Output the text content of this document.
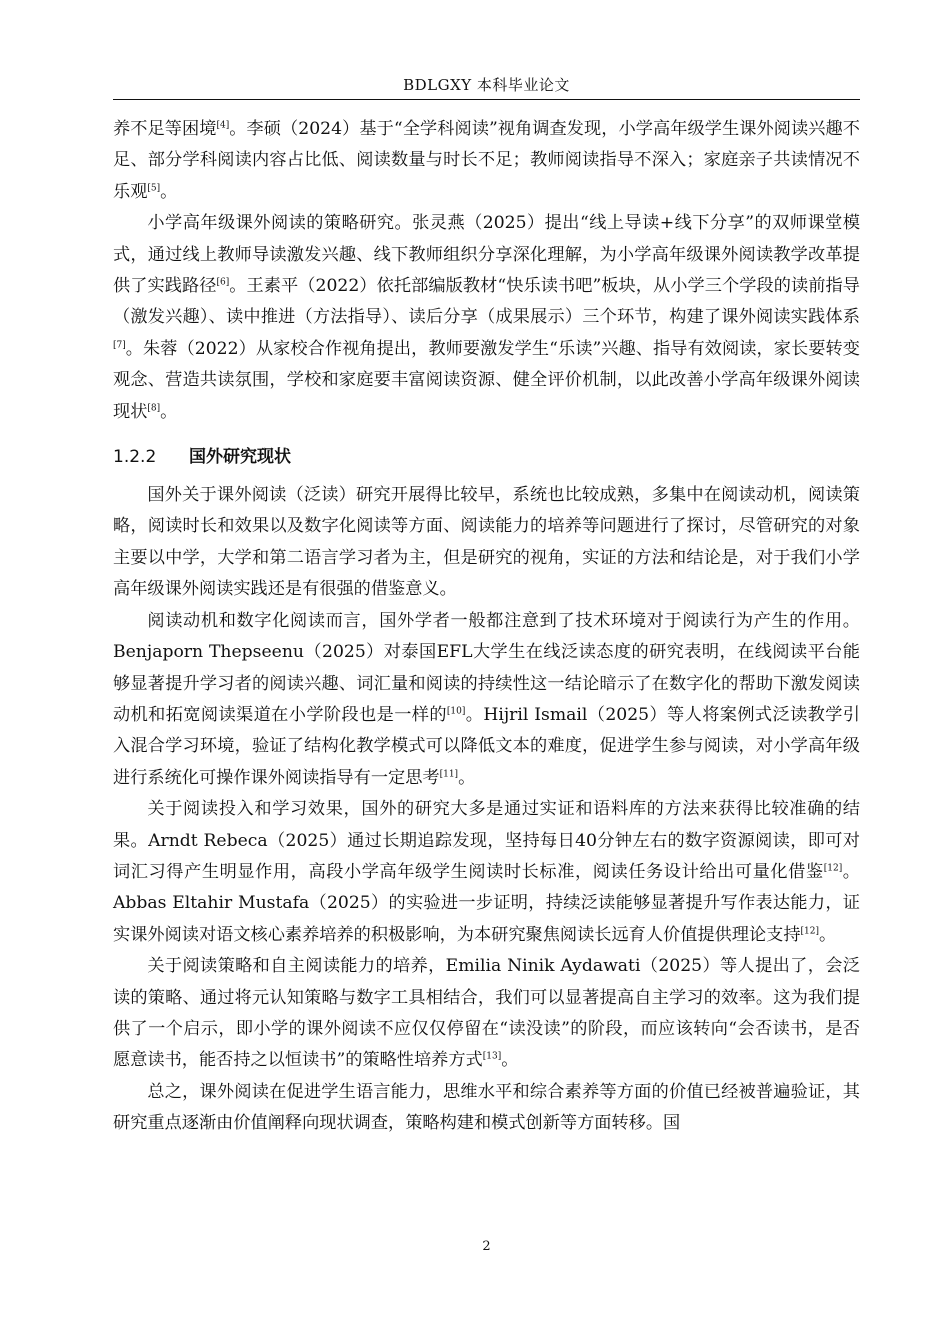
BDLGXY 本科毕业论文

养不足等困境[4]。李硕（2024）基于“全学科阅读”视角调查发现，小学高年级学生课外阅读兴趣不足、部分学科阅读内容占比低、阅读数量与时长不足；教师阅读指导不深入；家庭亲子共读情况不乐观[5]。

小学高年级课外阅读的策略研究。张灵燕（2025）提出“线上导读+线下分享”的双师课堂模式，通过线上教师导读激发兴趣、线下教师组织分享深化理解，为小学高年级课外阅读教学改革提供了实践路径[6]。王素平（2022）依托部编版教材“快乐读书吧”板块，从小学三个学段的读前指导（激发兴趣）、读中推进（方法指导）、读后分享（成果展示）三个环节，构建了课外阅读实践体系[7]。朱蓉（2022）从家校合作视角提出，教师要激发学生“乐读”兴趣、指导有效阅读，家长要转变观念、营造共读氛围，学校和家庭要丰富阅读资源、健全评价机制，以此改善小学高年级课外阅读现状[8]。

1.2.2 国外研究现状

国外关于课外阅读（泛读）研究开展得比较早，系统也比较成熟，多集中在阅读动机，阅读策略，阅读时长和效果以及数字化阅读等方面、阅读能力的培养等问题进行了探讨，尽管研究的对象主要以中学，大学和第二语言学习者为主，但是研究的视角，实证的方法和结论是，对于我们小学高年级课外阅读实践还是有很强的借鉴意义。

阅读动机和数字化阅读而言，国外学者一般都注意到了技术环境对于阅读行为产生的作用。Benjaporn Thepseenu（2025）对泰国EFL大学生在线泛读态度的研究表明，在线阅读平台能够显著提升学习者的阅读兴趣、词汇量和阅读的持续性这一结论暗示了在数字化的帮助下激发阅读动机和拓宽阅读渠道在小学阶段也是一样的[10]。Hijril Ismail（2025）等人将案例式泛读教学引入混合学习环境，验证了结构化教学模式可以降低文本的难度，促进学生参与阅读，对小学高年级进行系统化可操作课外阅读指导有一定思考[11]。

关于阅读投入和学习效果，国外的研究大多是通过实证和语料库的方法来获得比较准确的结果。Arndt Rebeca（2025）通过长期追踪发现，坚持每日40分钟左右的数字资源阅读，即可对词汇习得产生明显作用，高段小学高年级学生阅读时长标准，阅读任务设计给出可量化借鉴[12]。Abbas Eltahir Mustafa（2025）的实验进一步证明，持续泛读能够显著提升写作表达能力，证实课外阅读对语文核心素养培养的积极影响，为本研究聚焦阅读长远育人价值提供理论支持[12]。

关于阅读策略和自主阅读能力的培养，Emilia Ninik Aydawati（2025）等人提出了，会泛读的策略、通过将元认知策略与数字工具相结合，我们可以显著提高自主学习的效率。这为我们提供了一个启示，即小学的课外阅读不应仅仅停留在“读没读”的阶段，而应该转向“会否读书，是否愿意读书，能否持之以恒读书”的策略性培养方式[13]。

总之，课外阅读在促进学生语言能力，思维水平和综合素养等方面的价值已经被普遍验证，其研究重点逐渐由价值阐释向现状调查，策略构建和模式创新等方面转移。国

2
